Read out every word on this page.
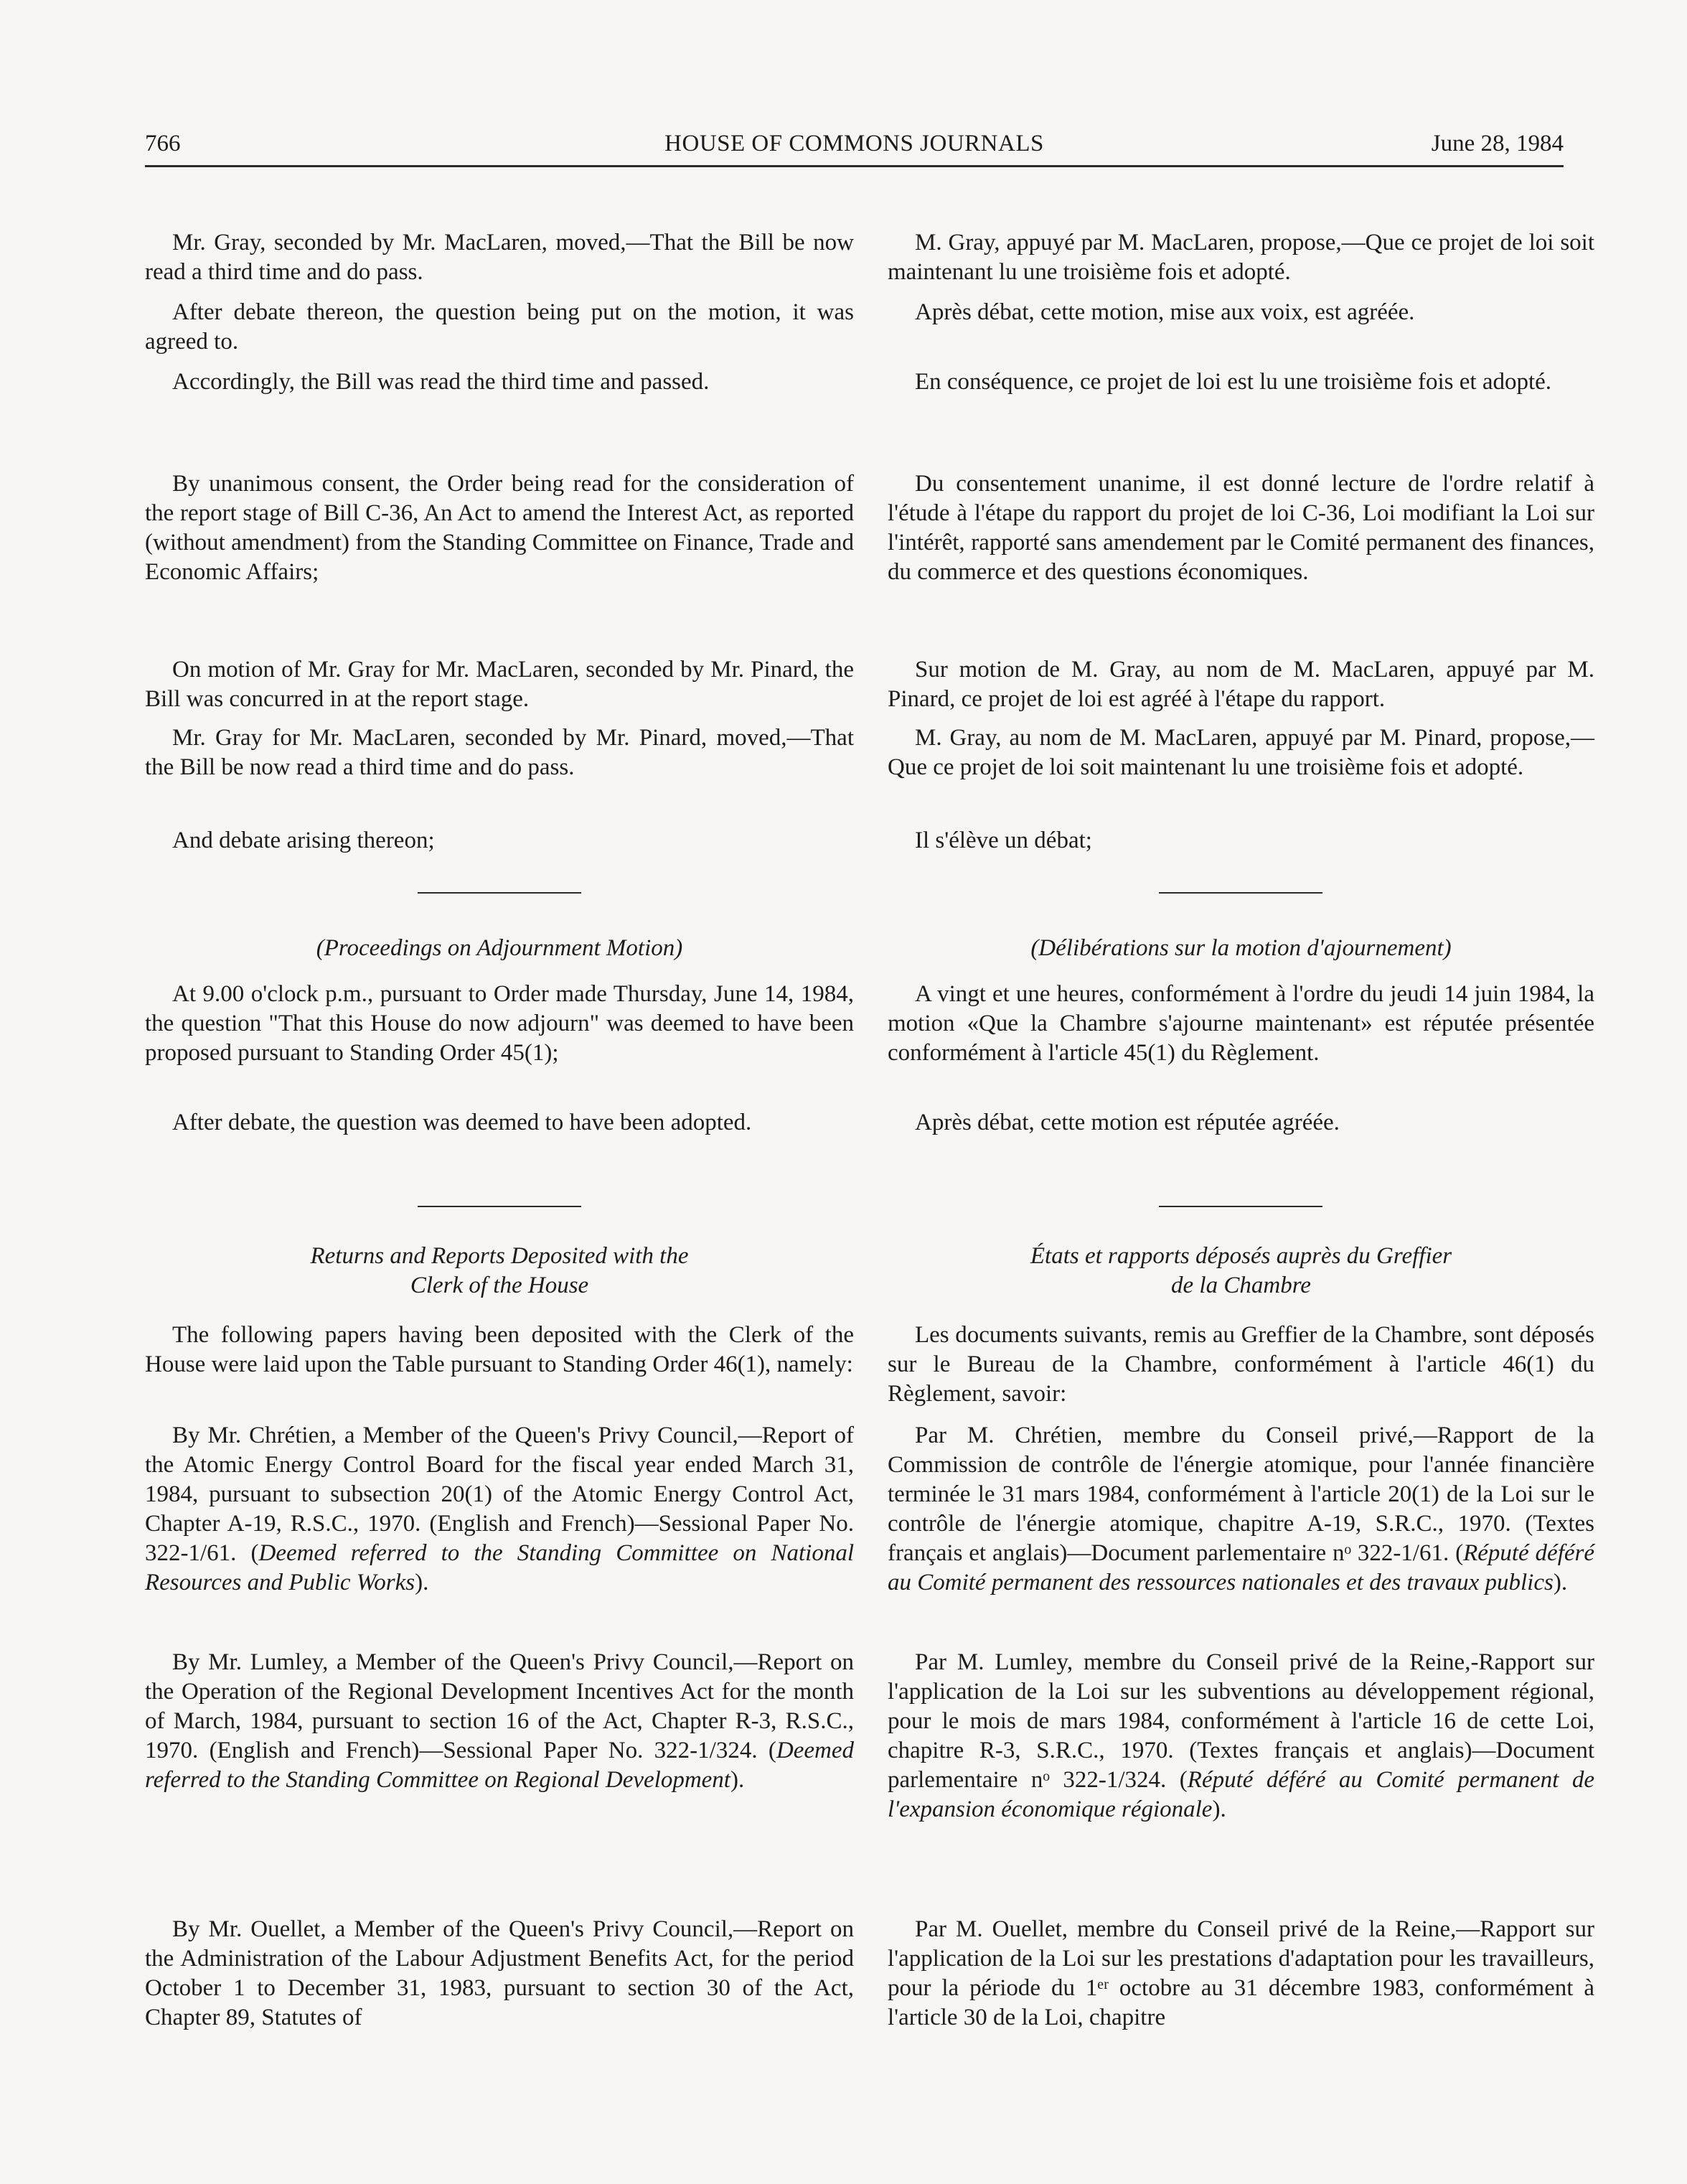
766	HOUSE OF COMMONS JOURNALS	June 28, 1984

Mr. Gray, seconded by Mr. MacLaren, moved,—That the Bill be now read a third time and do pass.

After debate thereon, the question being put on the motion, it was agreed to.

Accordingly, the Bill was read the third time and passed.

By unanimous consent, the Order being read for the consideration of the report stage of Bill C-36, An Act to amend the Interest Act, as reported (without amendment) from the Standing Committee on Finance, Trade and Economic Affairs;

On motion of Mr. Gray for Mr. MacLaren, seconded by Mr. Pinard, the Bill was concurred in at the report stage.

Mr. Gray for Mr. MacLaren, seconded by Mr. Pinard, moved,—That the Bill be now read a third time and do pass.

And debate arising thereon;

(Proceedings on Adjournment Motion)

At 9.00 o'clock p.m., pursuant to Order made Thursday, June 14, 1984, the question "That this House do now adjourn" was deemed to have been proposed pursuant to Standing Order 45(1);

After debate, the question was deemed to have been adopted.

Returns and Reports Deposited with the

Clerk of the House

The following papers having been deposited with the Clerk of the House were laid upon the Table pursuant to Standing Order 46(1), namely:

By Mr. Chrétien, a Member of the Queen's Privy Council,—Report of the Atomic Energy Control Board for the fiscal year ended March 31, 1984, pursuant to subsection 20(1) of the Atomic Energy Control Act, Chapter A-19, R.S.C., 1970. (English and French)—Sessional Paper No. 322-1/61. (Deemed referred to the Standing Committee on National Resources and Public Works).

By Mr. Lumley, a Member of the Queen's Privy Council,—Report on the Operation of the Regional Development Incentives Act for the month of March, 1984, pursuant to section 16 of the Act, Chapter R-3, R.S.C., 1970. (English and French)—Sessional Paper No. 322-1/324. (Deemed referred to the Standing Committee on Regional Development).

By Mr. Ouellet, a Member of the Queen's Privy Council,—Report on the Administration of the Labour Adjustment Benefits Act, for the period October 1 to December 31, 1983, pursuant to section 30 of the Act, Chapter 89, Statutes of

M. Gray, appuyé par M. MacLaren, propose,—Que ce projet de loi soit maintenant lu une troisième fois et adopté.

Après débat, cette motion, mise aux voix, est agréée.

En conséquence, ce projet de loi est lu une troisième fois et adopté.

Du consentement unanime, il est donné lecture de l'ordre relatif à l'étude à l'étape du rapport du projet de loi C-36, Loi modifiant la Loi sur l'intérêt, rapporté sans amendement par le Comité permanent des finances, du commerce et des questions économiques.

Sur motion de M. Gray, au nom de M. MacLaren, appuyé par M. Pinard, ce projet de loi est agréé à l'étape du rapport.

M. Gray, au nom de M. MacLaren, appuyé par M. Pinard, propose,—Que ce projet de loi soit maintenant lu une troisième fois et adopté.

Il s'élève un débat;

(Délibérations sur la motion d'ajournement)

A vingt et une heures, conformément à l'ordre du jeudi 14 juin 1984, la motion «Que la Chambre s'ajourne maintenant» est réputée présentée conformément à l'article 45(1) du Règlement.

Après débat, cette motion est réputée agréée.

États et rapports déposés auprès du Greffier

de la Chambre

Les documents suivants, remis au Greffier de la Chambre, sont déposés sur le Bureau de la Chambre, conformément à l'article 46(1) du Règlement, savoir:

Par M. Chrétien, membre du Conseil privé,—Rapport de la Commission de contrôle de l'énergie atomique, pour l'année financière terminée le 31 mars 1984, conformément à l'article 20(1) de la Loi sur le contrôle de l'énergie atomique, chapitre A-19, S.R.C., 1970. (Textes français et anglais)—Document parlementaire nᵒ 322-1/61. (Réputé déféré au Comité permanent des ressources nationales et des travaux publics).

Par M. Lumley, membre du Conseil privé de la Reine,-Rapport sur l'application de la Loi sur les subventions au développement régional, pour le mois de mars 1984, conformément à l'article 16 de cette Loi, chapitre R-3, S.R.C., 1970. (Textes français et anglais)—Document parlementaire nᵒ 322-1/324. (Réputé déféré au Comité permanent de l'expansion économique régionale).

Par M. Ouellet, membre du Conseil privé de la Reine,—Rapport sur l'application de la Loi sur les prestations d'adaptation pour les travailleurs, pour la période du 1ᵉʳ octobre au 31 décembre 1983, conformément à l'article 30 de la Loi, chapitre
